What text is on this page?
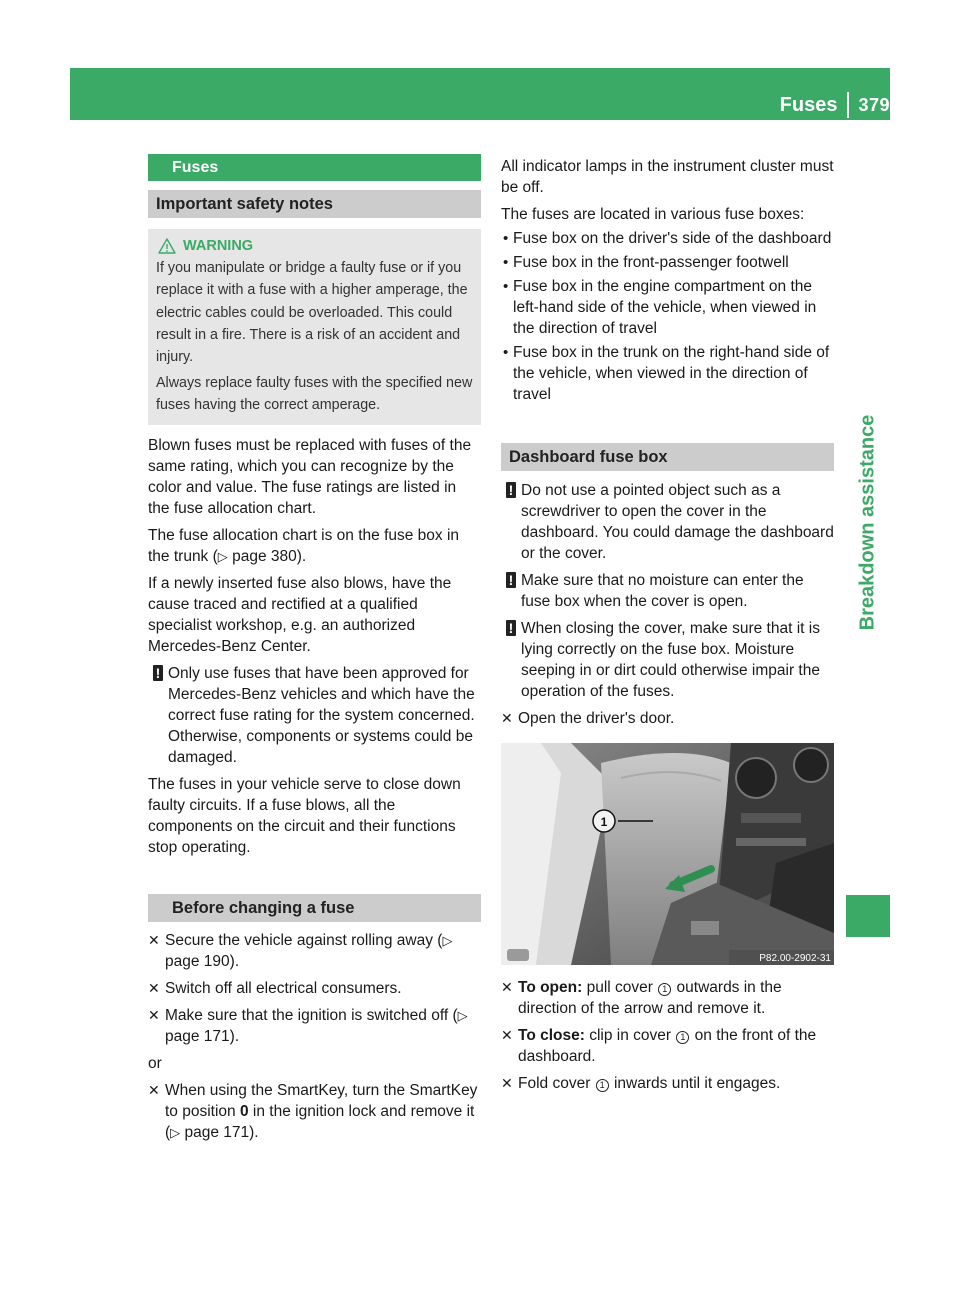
Fuses 379
Breakdown assistance
Fuses
Important safety notes
WARNING

If you manipulate or bridge a faulty fuse or if you replace it with a fuse with a higher amperage, the electric cables could be overloaded. This could result in a fire. There is a risk of an accident and injury.

Always replace faulty fuses with the specified new fuses having the correct amperage.

Blown fuses must be replaced with fuses of the same rating, which you can recognize by the color and value. The fuse ratings are listed in the fuse allocation chart.

The fuse allocation chart is on the fuse box in the trunk (▷ page 380).

If a newly inserted fuse also blows, have the cause traced and rectified at a qualified specialist workshop, e.g. an authorized Mercedes-Benz Center.

! Only use fuses that have been approved for Mercedes-Benz vehicles and which have the correct fuse rating for the system concerned. Otherwise, components or systems could be damaged.

The fuses in your vehicle serve to close down faulty circuits. If a fuse blows, all the components on the circuit and their functions stop operating.

Before changing a fuse
✕ Secure the vehicle against rolling away (▷ page 190).
✕ Switch off all electrical consumers.
✕ Make sure that the ignition is switched off (▷ page 171).

or

✕ When using the SmartKey, turn the SmartKey to position 0 in the ignition lock and remove it (▷ page 171).

All indicator lamps in the instrument cluster must be off.

The fuses are located in various fuse boxes:

• Fuse box on the driver's side of the dashboard
• Fuse box in the front-passenger footwell
• Fuse box in the engine compartment on the left-hand side of the vehicle, when viewed in the direction of travel
• Fuse box in the trunk on the right-hand side of the vehicle, when viewed in the direction of travel
Dashboard fuse box
! Do not use a pointed object such as a screwdriver to open the cover in the dashboard. You could damage the dashboard or the cover.
! Make sure that no moisture can enter the fuse box when the cover is open.
! When closing the cover, make sure that it is lying correctly on the fuse box. Moisture seeping in or dirt could otherwise impair the operation of the fuses.
✕ Open the driver's door.
1
P82.00-2902-31
✕ To open: pull cover 1 outwards in the direction of the arrow and remove it.
✕ To close: clip in cover 1 on the front of the dashboard.
✕ Fold cover 1 inwards until it engages.
